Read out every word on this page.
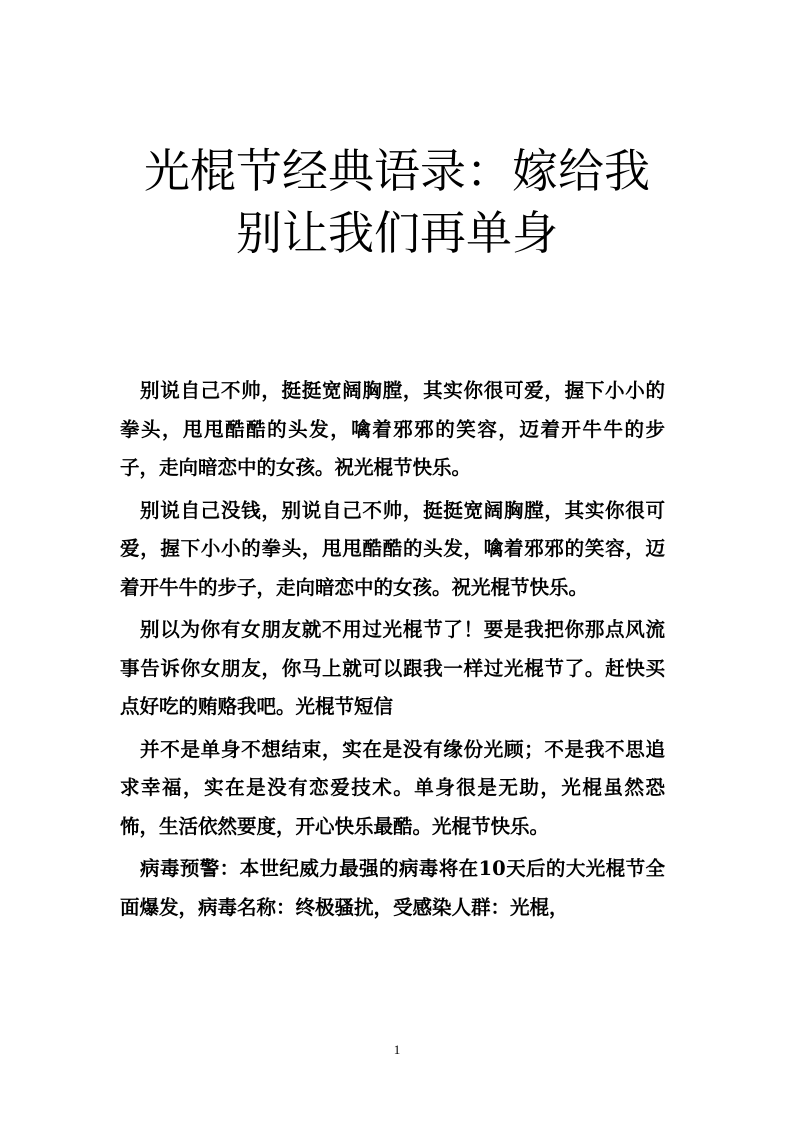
光棍节经典语录：嫁给我
别让我们再单身

别说自己不帅，挺挺宽阔胸膛，其实你很可爱，握下小小的拳头，甩甩酷酷的头发，噙着邪邪的笑容，迈着开牛牛的步子，走向暗恋中的女孩。祝光棍节快乐。

别说自己没钱，别说自己不帅，挺挺宽阔胸膛，其实你很可爱，握下小小的拳头，甩甩酷酷的头发，噙着邪邪的笑容，迈着开牛牛的步子，走向暗恋中的女孩。祝光棍节快乐。

别以为你有女朋友就不用过光棍节了！要是我把你那点风流事告诉你女朋友，你马上就可以跟我一样过光棍节了。赶快买点好吃的贿赂我吧。光棍节短信

并不是单身不想结束，实在是没有缘份光顾；不是我不思追求幸福，实在是没有恋爱技术。单身很是无助，光棍虽然恐怖，生活依然要度，开心快乐最酷。光棍节快乐。

病毒预警：本世纪威力最强的病毒将在10天后的大光棍节全面爆发，病毒名称：终极骚扰，受感染人群：光棍，

1
